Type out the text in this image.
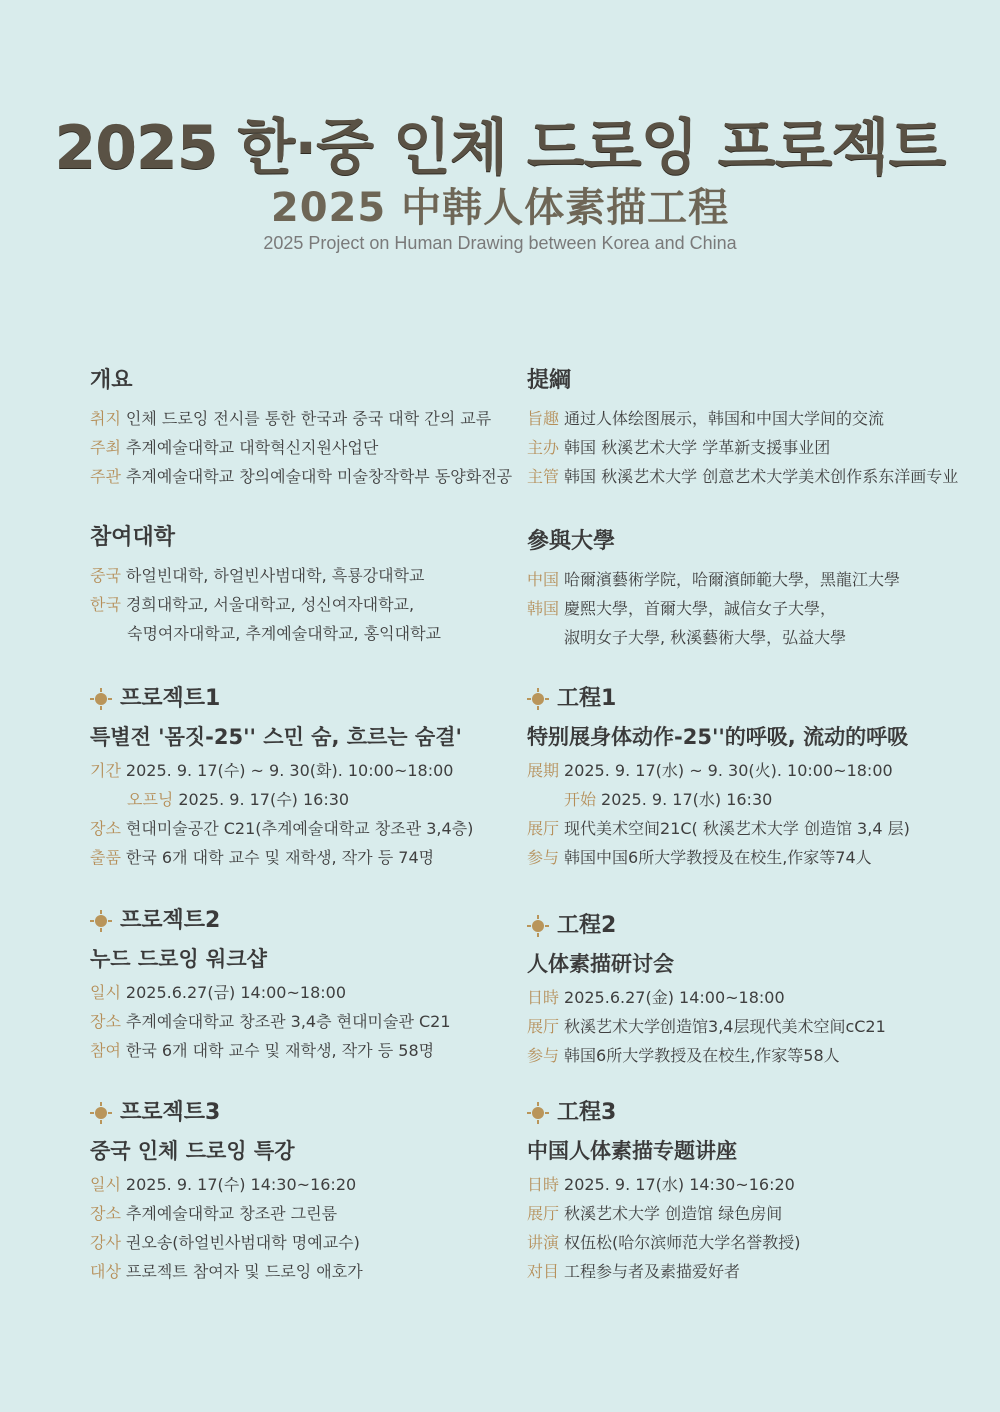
2025 한·중 인체 드로잉 프로젝트

2025 中韩人体素描工程

2025 Project on Human Drawing between Korea and China

개요
취지 인체 드로잉 전시를 통한 한국과 중국 대학 간의 교류
주최 추계예술대학교 대학혁신지원사업단
주관 추계예술대학교 창의예술대학 미술창작학부 동양화전공
참여대학
중국 하얼빈대학, 하얼빈사범대학, 흑룡강대학교
한국 경희대학교, 서울대학교, 성신여자대학교,
숙명여자대학교, 추계예술대학교, 홍익대학교
프로젝트1
특별전 '몸짓-25'' 스민 숨, 흐르는 숨결'
기간 2025. 9. 17(수) ~ 9. 30(화). 10:00~18:00
오프닝 2025. 9. 17(수) 16:30
장소 현대미술공간 C21(추계예술대학교 창조관 3,4층)
출품 한국 6개 대학 교수 및 재학생, 작가 등 74명
프로젝트2
누드 드로잉 워크샵
일시 2025.6.27(금) 14:00~18:00
장소 추계예술대학교 창조관 3,4층 현대미술관 C21
참여 한국 6개 대학 교수 및 재학생, 작가 등 58명
프로젝트3
중국 인체 드로잉 특강
일시 2025. 9. 17(수) 14:30~16:20
장소 추계예술대학교 창조관 그린룸
강사 권오송(하얼빈사범대학 명예교수)
대상 프로젝트 참여자 및 드로잉 애호가
提綱
旨趣 通过人体绘图展示，韩国和中国大学间的交流
主办 韩国 秋溪艺术大学 学革新支援事业团
主管 韩国 秋溪艺术大学 创意艺术大学美术创作系东洋画专业
參與大學
中国 哈爾濱藝術学院，哈爾濱師範大學，黑龍江大學
韩国 慶熙大學，首爾大學，誠信女子大學，
淑明女子大學, 秋溪藝術大學，弘益大學
工程1
特别展身体动作-25''的呼吸, 流动的呼吸
展期 2025. 9. 17(水) ~ 9. 30(火). 10:00~18:00
开始 2025. 9. 17(水) 16:30
展厅 现代美术空间21C( 秋溪艺术大学 创造馆 3,4 层)
参与 韩国中国6所大学教授及在校生,作家等74人
工程2
人体素描研讨会
日時 2025.6.27(金) 14:00~18:00
展厅 秋溪艺术大学创造馆3,4层现代美术空间cC21
参与 韩国6所大学教授及在校生,作家等58人
工程3
中国人体素描专题讲座
日時 2025. 9. 17(水) 14:30~16:20
展厅 秋溪艺术大学 创造馆 绿色房间
讲演 权伍松(哈尔滨师范大学名誉教授)
对目 工程参与者及素描爱好者
